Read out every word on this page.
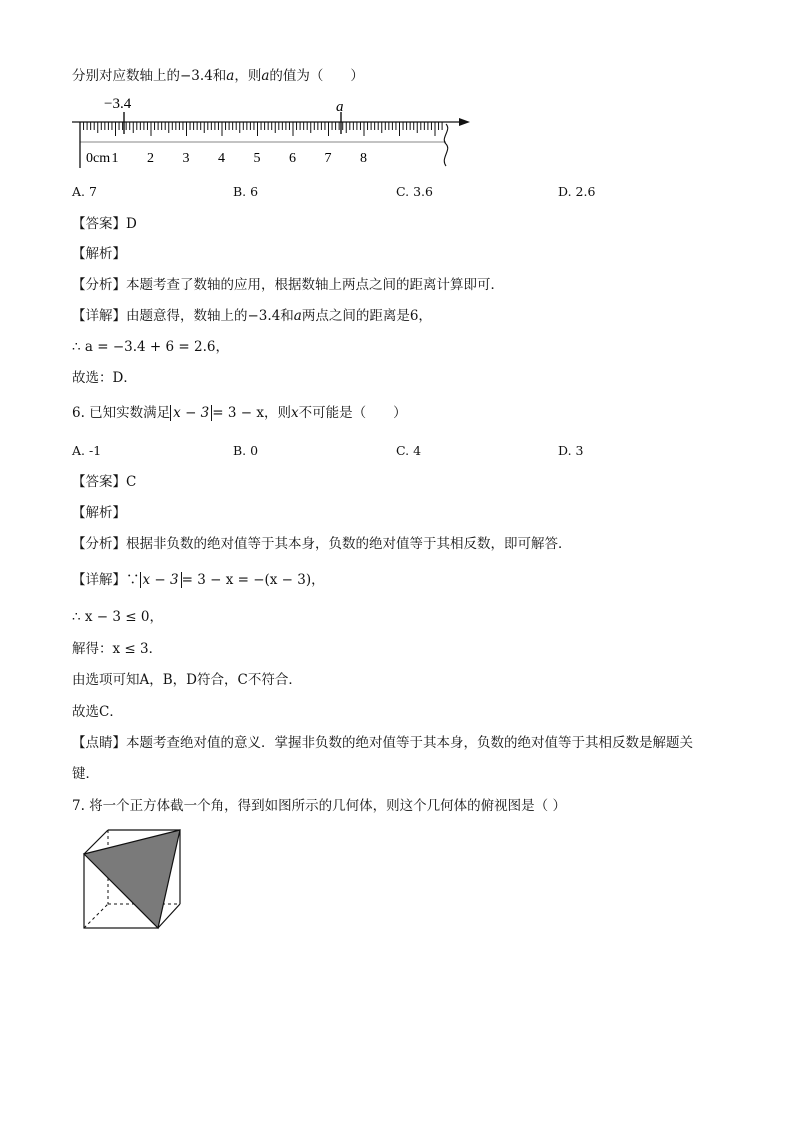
分别对应数轴上的−3.4和a，则a的值为（　　）
−3.4	a
0cm 1 2 3 4 5 6 7 8
A. 7	B. 6	C. 3.6	D. 2.6
【答案】D
【解析】
【分析】本题考查了数轴的应用，根据数轴上两点之间的距离计算即可．
【详解】由题意得，数轴上的−3.4和a两点之间的距离是6，
∴ a = −3.4 + 6 = 2.6，
故选：D．
6. 已知实数满足 x − 3 = 3 − x，则x不可能是（　　）
A. -1	B. 0	C. 4	D. 3
【答案】C
【解析】
【分析】根据非负数的绝对值等于其本身，负数的绝对值等于其相反数，即可解答．
【详解】∵ x − 3 = 3 − x = −(x − 3)，
∴ x − 3 ≤ 0，
解得：x ≤ 3．
由选项可知A，B，D符合，C不符合．
故选C．
【点睛】本题考查绝对值的意义．掌握非负数的绝对值等于其本身，负数的绝对值等于其相反数是解题关
键．
7. 将一个正方体截一个角，得到如图所示的几何体，则这个几何体的俯视图是（ ）
